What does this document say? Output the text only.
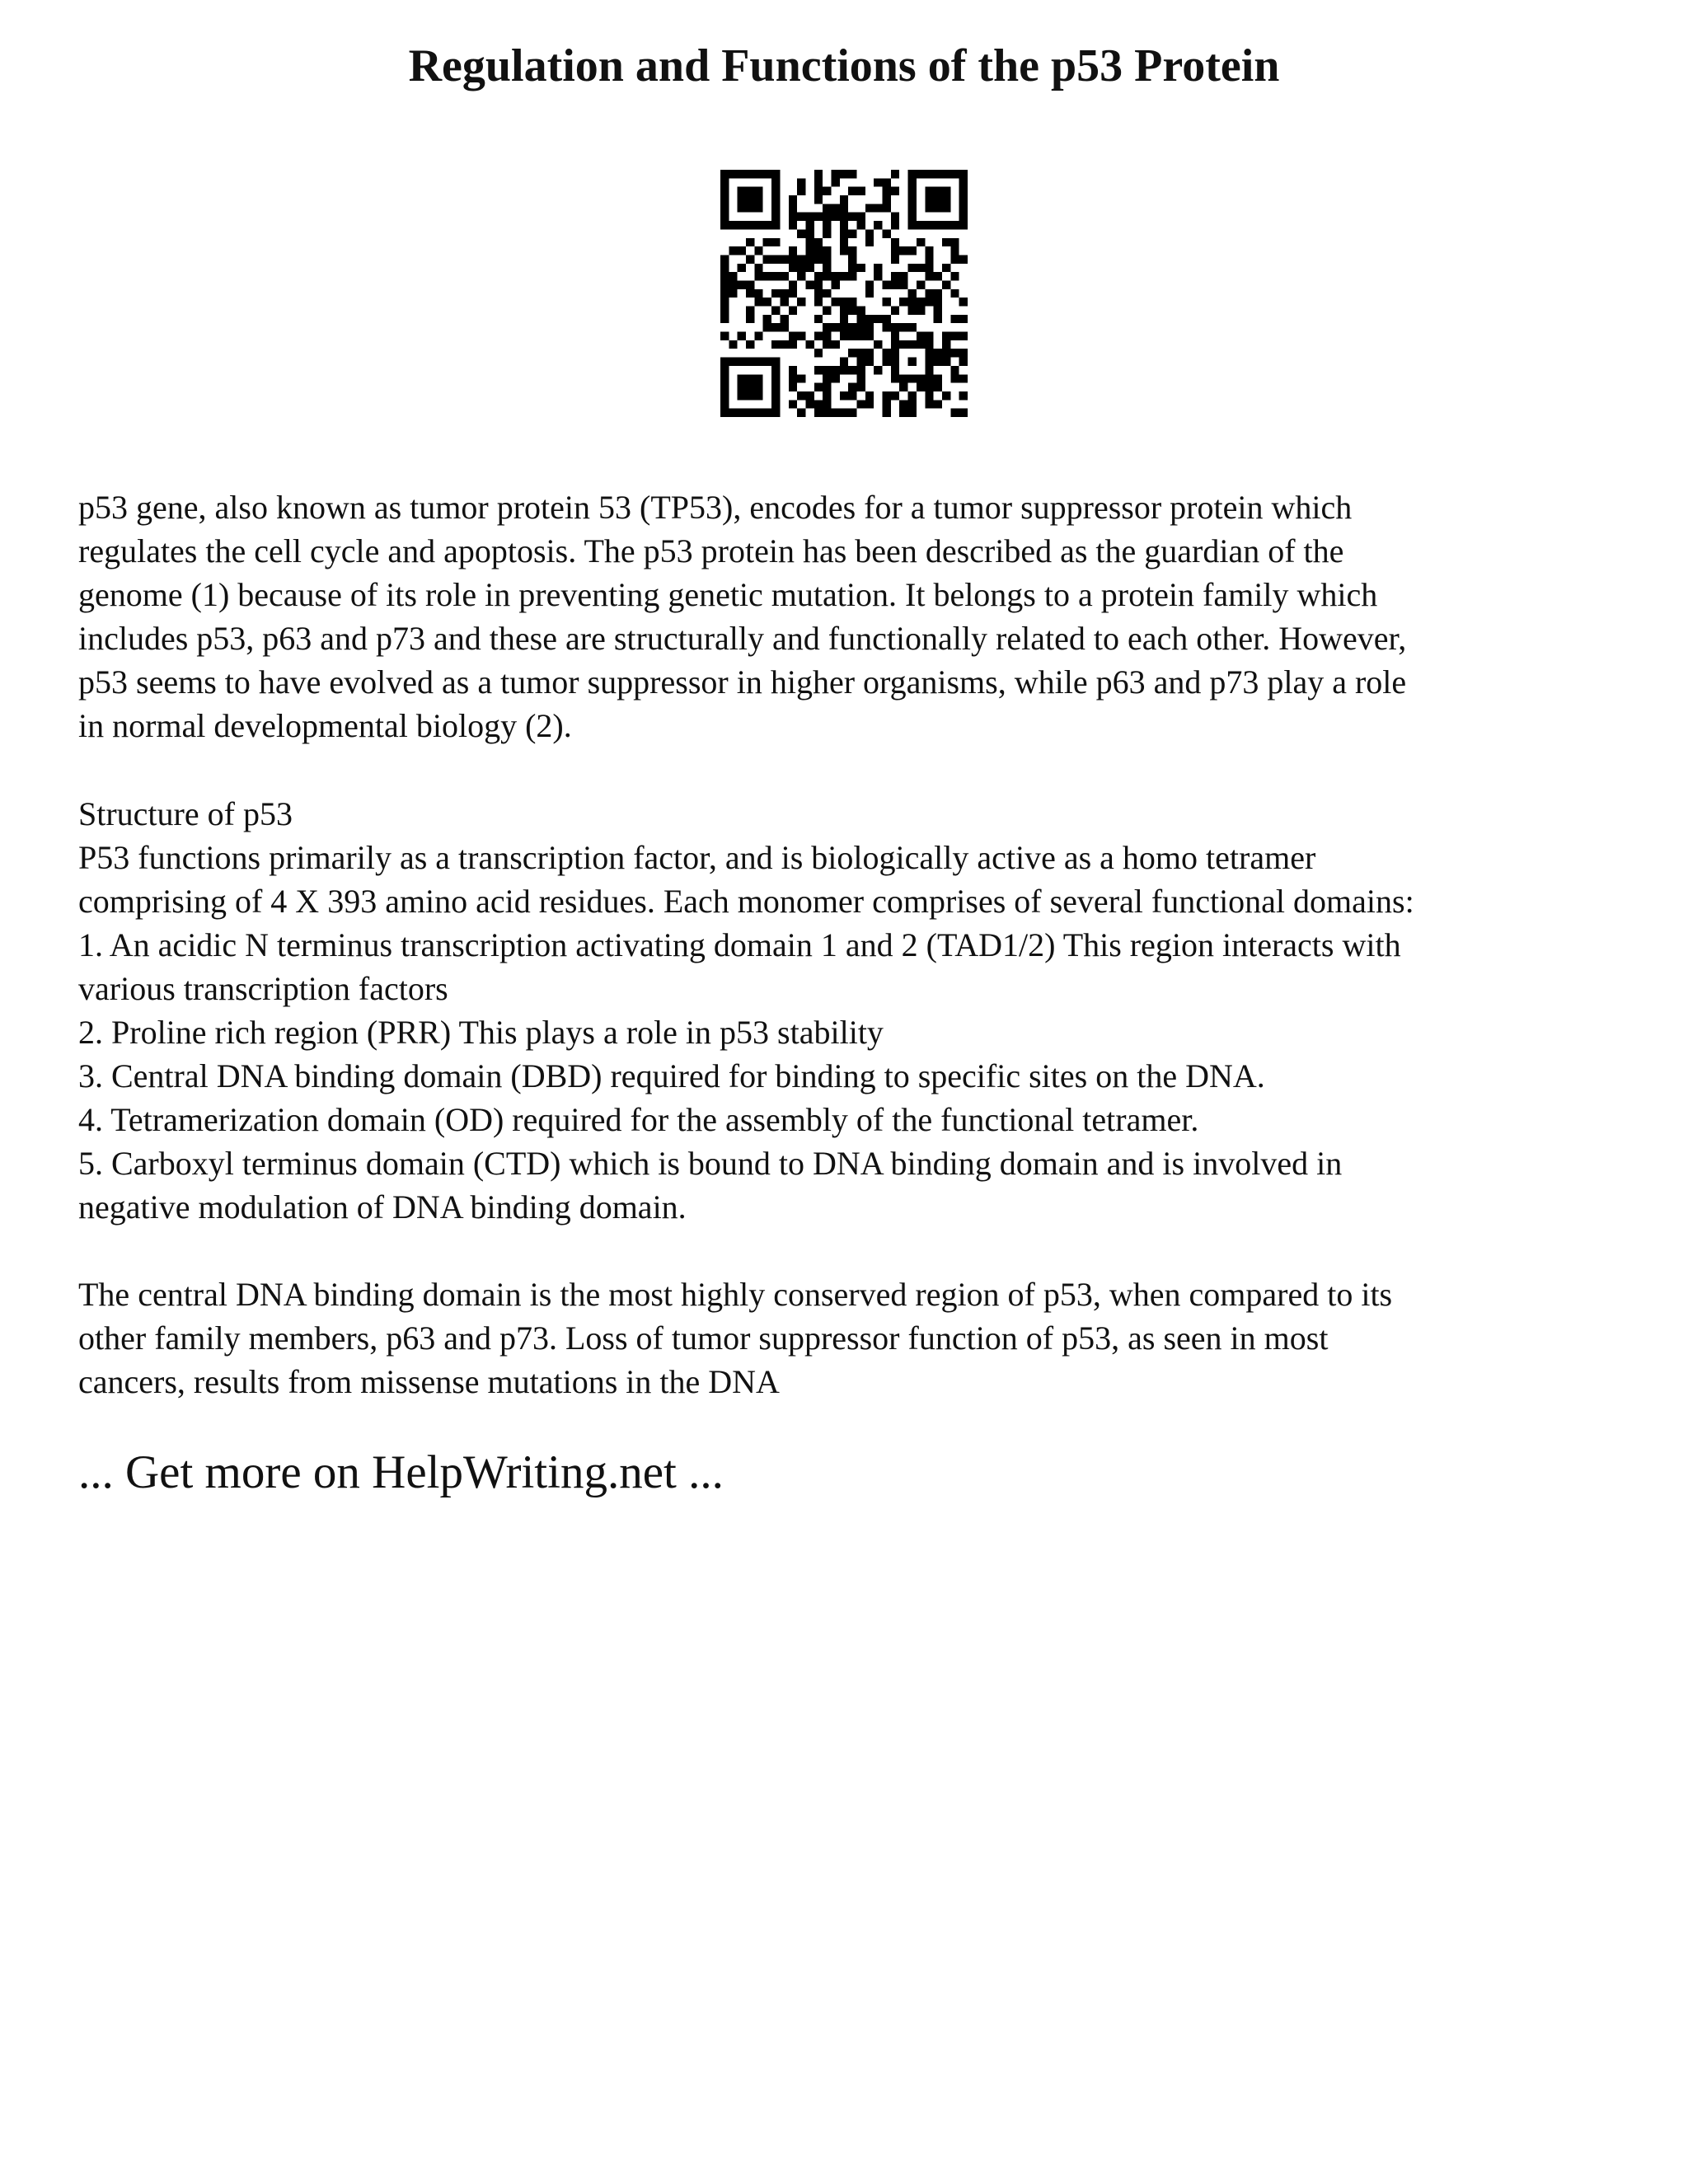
Regulation and Functions of the p53 Protein
p53 gene, also known as tumor protein 53 (TP53), encodes for a tumor suppressor protein which
regulates the cell cycle and apoptosis. The p53 protein has been described as the guardian of the
genome (1) because of its role in preventing genetic mutation. It belongs to a protein family which
includes p53, p63 and p73 and these are structurally and functionally related to each other. However,
p53 seems to have evolved as a tumor suppressor in higher organisms, while p63 and p73 play a role
in normal developmental biology (2).
Structure of p53
P53 functions primarily as a transcription factor, and is biologically active as a homo tetramer
comprising of 4 X 393 amino acid residues. Each monomer comprises of several functional domains:
1. An acidic N terminus transcription activating domain 1 and 2 (TAD1/2) This region interacts with
various transcription factors
2. Proline rich region (PRR) This plays a role in p53 stability
3. Central DNA binding domain (DBD) required for binding to specific sites on the DNA.
4. Tetramerization domain (OD) required for the assembly of the functional tetramer.
5. Carboxyl terminus domain (CTD) which is bound to DNA binding domain and is involved in
negative modulation of DNA binding domain.
The central DNA binding domain is the most highly conserved region of p53, when compared to its
other family members, p63 and p73. Loss of tumor suppressor function of p53, as seen in most
cancers, results from missense mutations in the DNA

... Get more on HelpWriting.net ...
